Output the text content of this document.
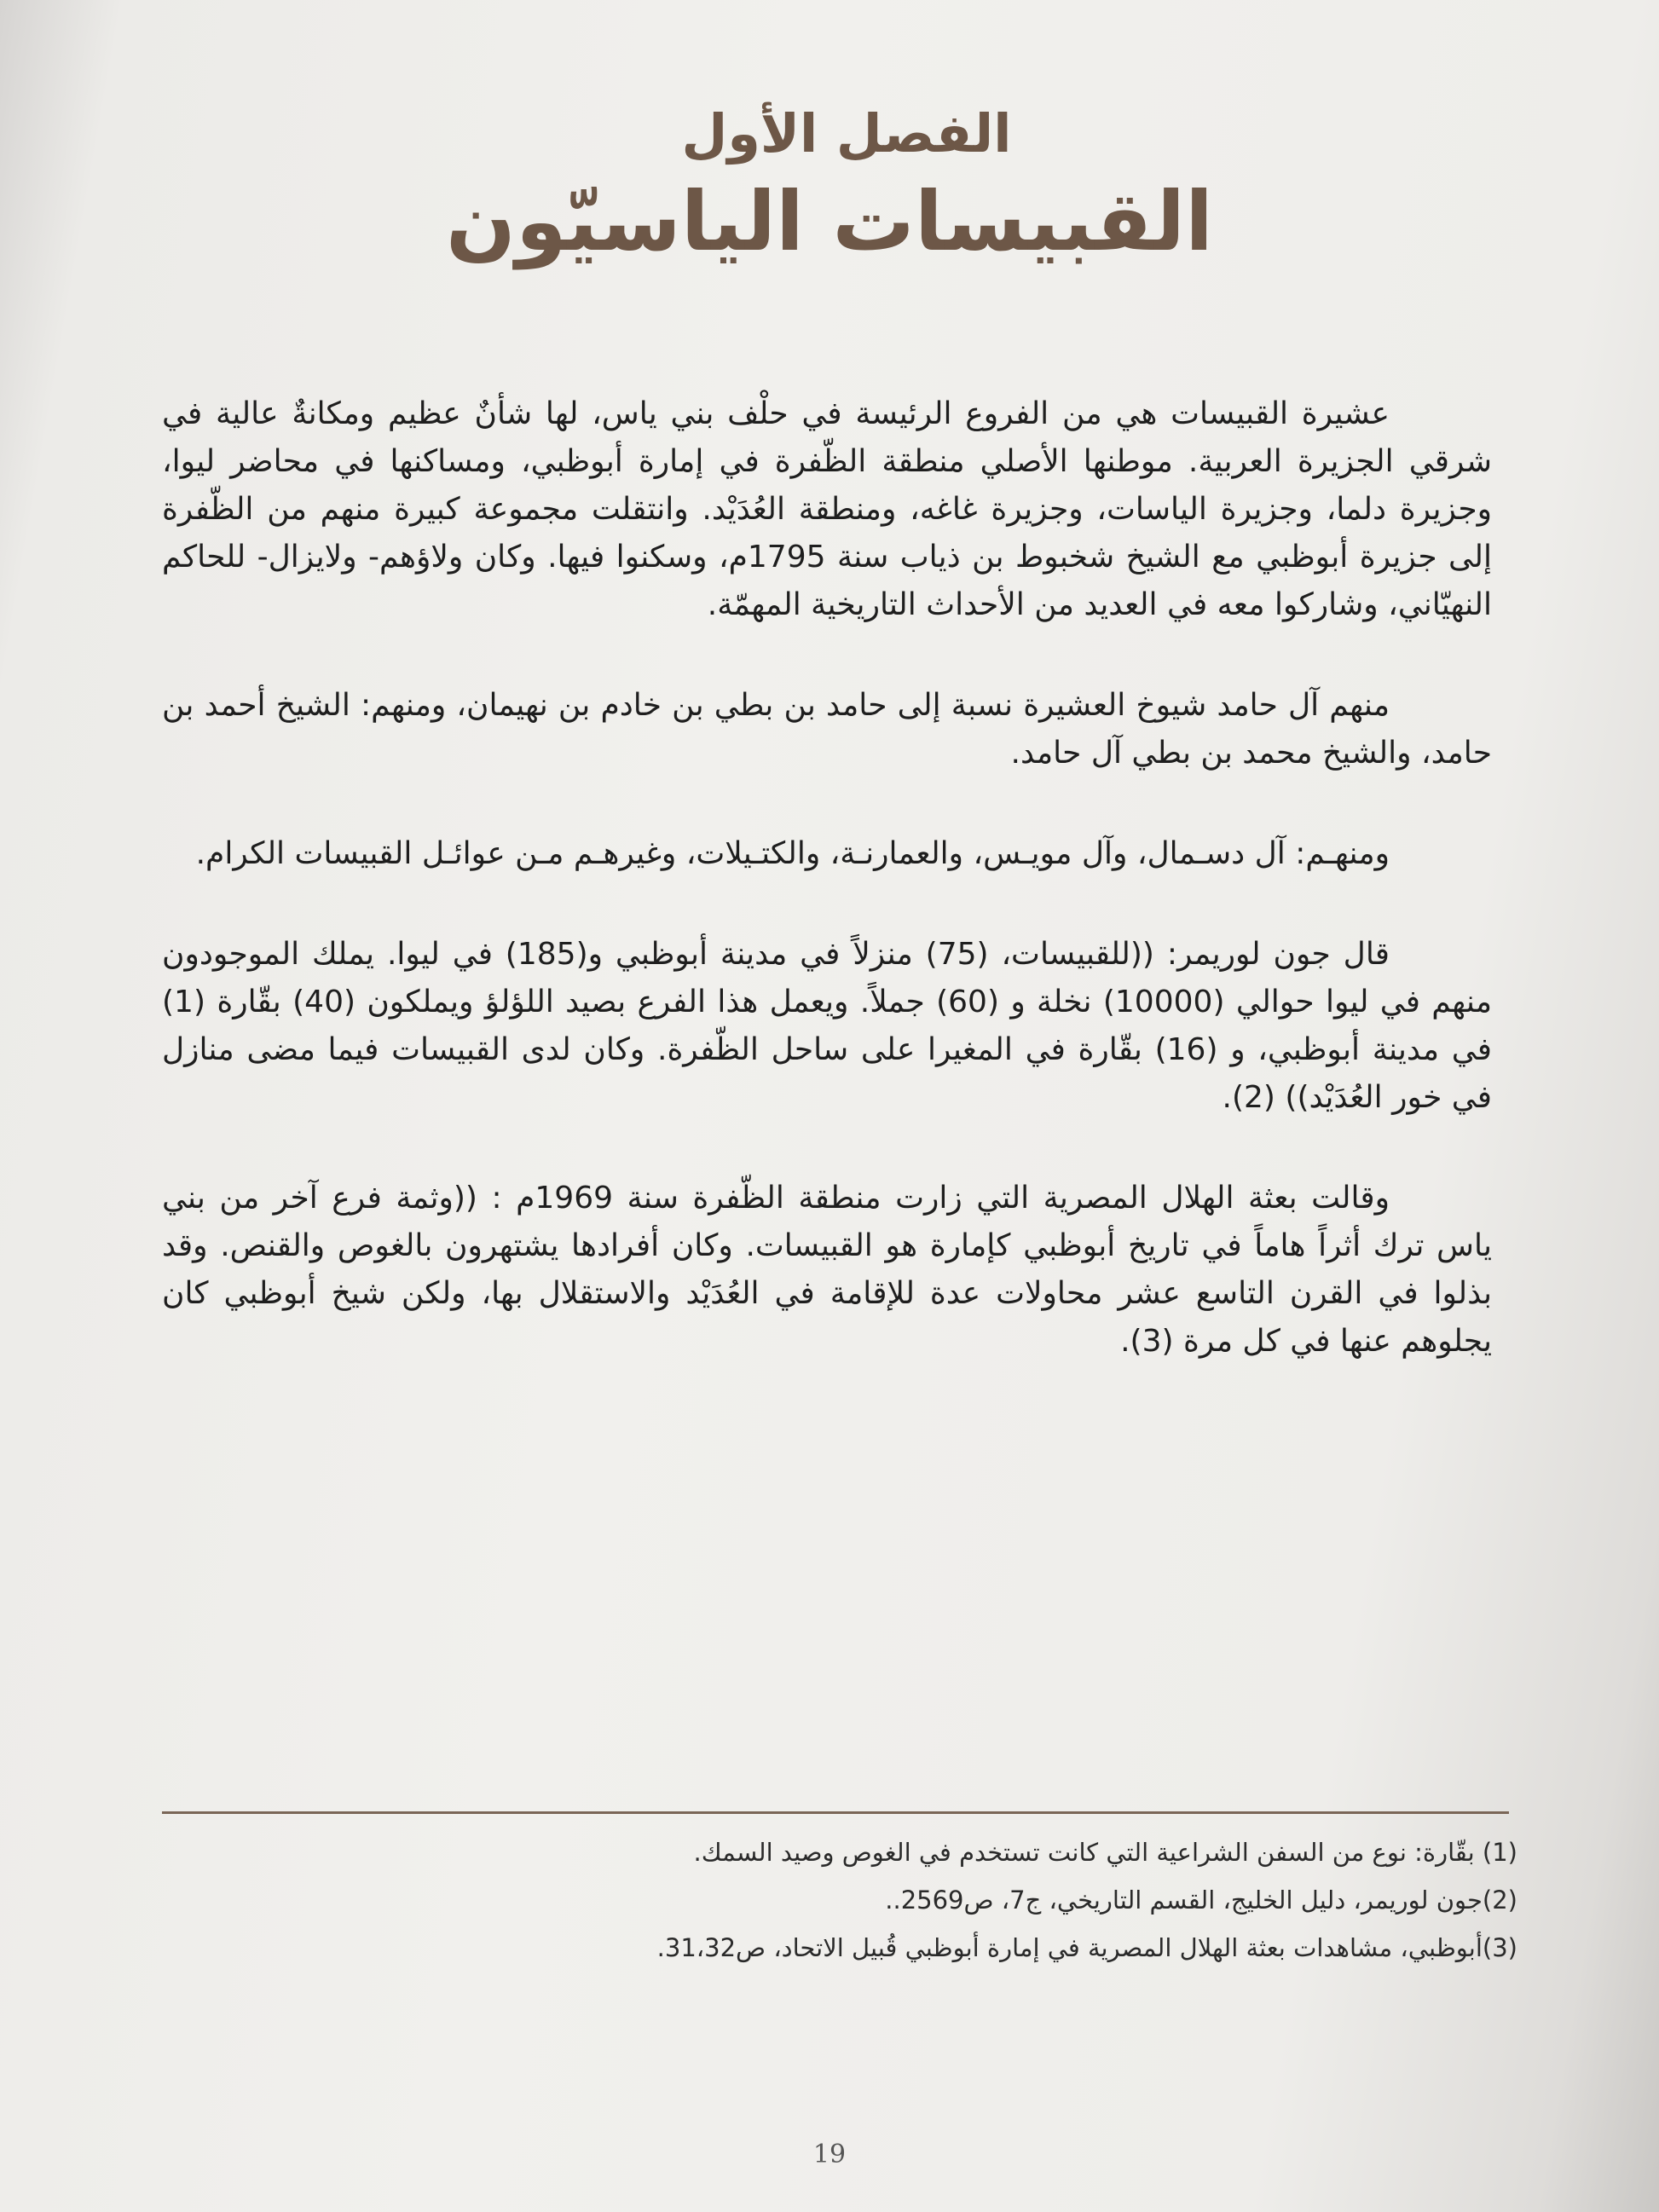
الفصل الأول
القبيسات الياسيّون

عشيرة القبيسات هي من الفروع الرئيسة في حلْف بني ياس، لها شأنٌ عظيم ومكانةٌ عالية في شرقي الجزيرة العربية. موطنها الأصلي منطقة الظّفرة في إمارة أبوظبي، ومساكنها في محاضر ليوا، وجزيرة دلما، وجزيرة الياسات، وجزيرة غاغه، ومنطقة العُدَيْد. وانتقلت مجموعة كبيرة منهم من الظّفرة إلى جزيرة أبوظبي مع الشيخ شخبوط بن ذياب سنة 1795م، وسكنوا فيها. وكان ولاؤهم- ولايزال- للحاكم النهيّاني، وشاركوا معه في العديد من الأحداث التاريخية المهمّة.

منهم آل حامد شيوخ العشيرة نسبة إلى حامد بن بطي بن خادم بن نهيمان، ومنهم: الشيخ أحمد بن حامد، والشيخ محمد بن بطي آل حامد.

ومنهـم: آل دسـمال، وآل مويـس، والعمارنـة، والكتـيلات، وغيرهـم مـن عوائـل القبيسات الكرام.

قال جون لوريمر: ((للقبيسات، (75) منزلاً في مدينة أبوظبي و(185) في ليوا. يملك الموجودون منهم في ليوا حوالي (10000) نخلة و (60) جملاً. ويعمل هذا الفرع بصيد اللؤلؤ ويملكون (40) بقّارة (1) في مدينة أبوظبي، و (16) بقّارة في المغيرا على ساحل الظّفرة. وكان لدى القبيسات فيما مضى منازل في خور العُدَيْد)) (2).

وقالت بعثة الهلال المصرية التي زارت منطقة الظّفرة سنة 1969م : ((وثمة فرع آخر من بني ياس ترك أثراً هاماً في تاريخ أبوظبي كإمارة هو القبيسات. وكان أفرادها يشتهرون بالغوص والقنص. وقد بذلوا في القرن التاسع عشر محاولات عدة للإقامة في العُدَيْد والاستقلال بها، ولكن شيخ أبوظبي كان يجلوهم عنها في كل مرة (3).

(1) بقّارة: نوع من السفن الشراعية التي كانت تستخدم في الغوص وصيد السمك.
(2)جون لوريمر، دليل الخليج، القسم التاريخي، ج7، ص2569..
(3)أبوظبي، مشاهدات بعثة الهلال المصرية في إمارة أبوظبي قُبيل الاتحاد، ص31،32.
19
